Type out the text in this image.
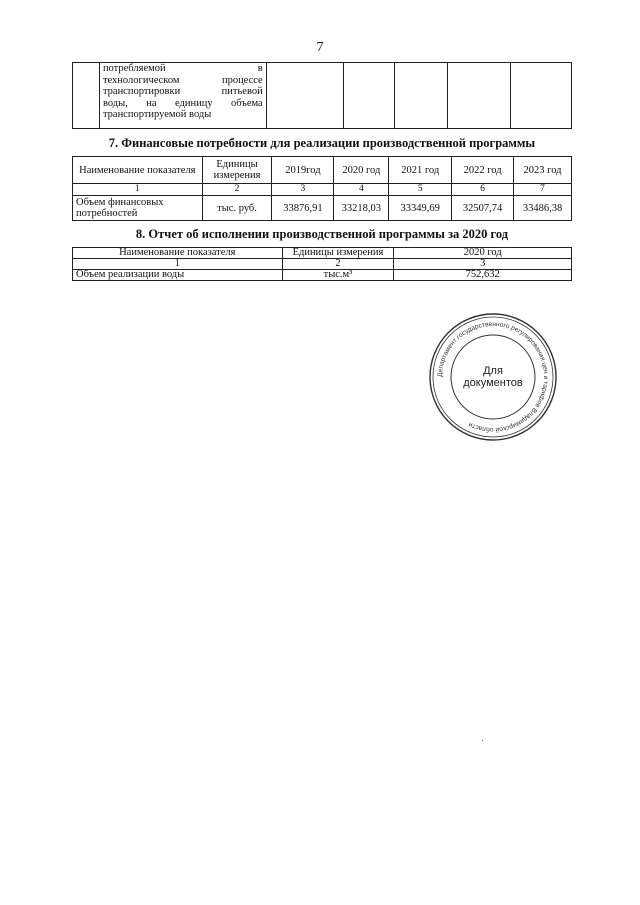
7

потребляемой в
технологическом процессе
транспортировки питьевой
воды, на единицу объема
транспортируемой воды

7. Финансовые потребности для реализации производственной программы
Наименование показателя	Единицы измерения	2019год	2020 год	2021 год	2022 год	2023 год
1	2	3	4	5	6	7
Объем финансовых потребностей	тыс. руб.	33876,91	33218,03	33349,69	32507,74	33486,38
8. Отчет об исполнении производственной программы за 2020 год
Наименование показателя	Единицы измерения	2020 год
1	2	3
Объем реализации воды	тыс.м³	752,632
Департамент государственного регулирования цен и тарифов Владимирской области
Для
документов
